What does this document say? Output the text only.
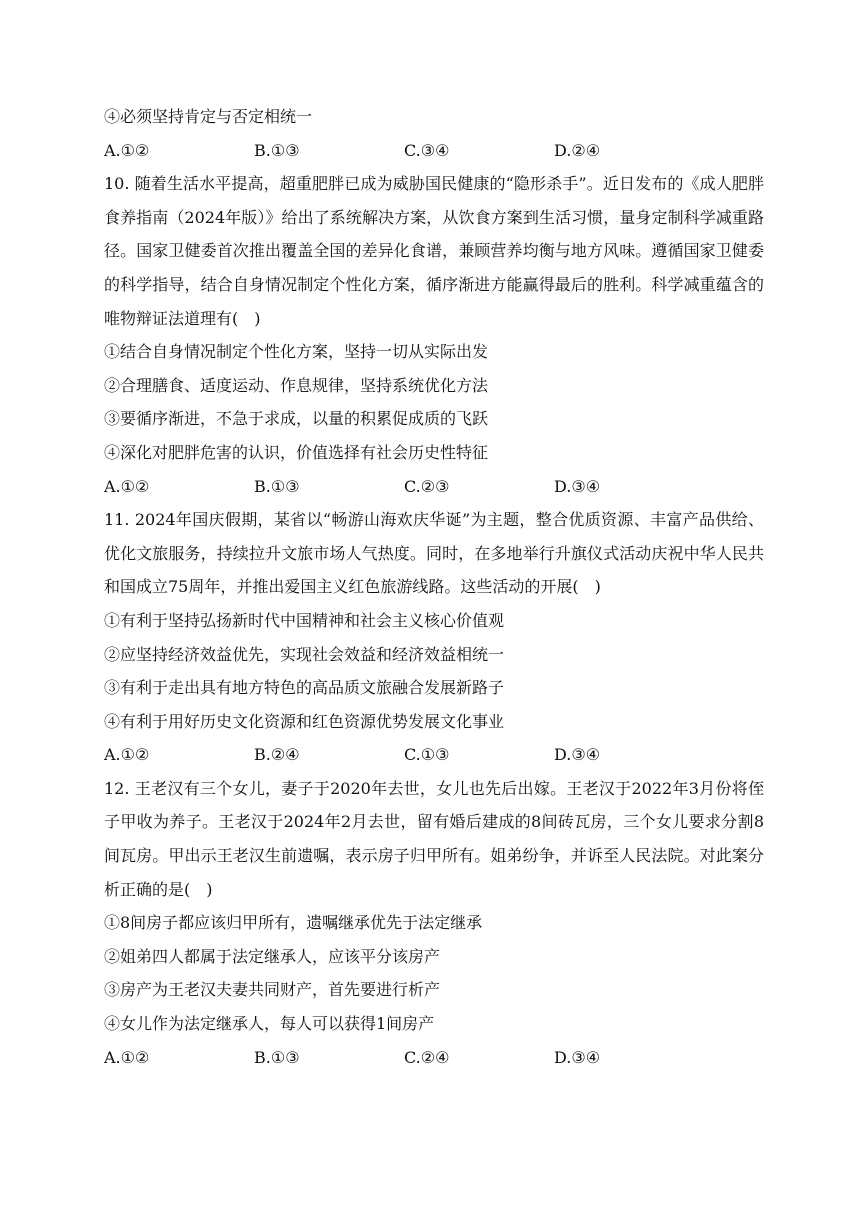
④必须坚持肯定与否定相统一
A.①②	B.①③	C.③④	D.②④
10. 随着生活水平提高，超重肥胖已成为威胁国民健康的“隐形杀手”。近日发布的《成人肥胖食养指南（2024年版）》给出了系统解决方案，从饮食方案到生活习惯，量身定制科学减重路径。国家卫健委首次推出覆盖全国的差异化食谱，兼顾营养均衡与地方风味。遵循国家卫健委的科学指导，结合自身情况制定个性化方案，循序渐进方能赢得最后的胜利。科学减重蕴含的唯物辩证法道理有(　)
①结合自身情况制定个性化方案，坚持一切从实际出发
②合理膳食、适度运动、作息规律，坚持系统优化方法
③要循序渐进，不急于求成，以量的积累促成质的飞跃
④深化对肥胖危害的认识，价值选择有社会历史性特征
A.①②	B.①③	C.②③	D.③④
11. 2024年国庆假期，某省以“畅游山海欢庆华诞”为主题，整合优质资源、丰富产品供给、优化文旅服务，持续拉升文旅市场人气热度。同时，在多地举行升旗仪式活动庆祝中华人民共和国成立75周年，并推出爱国主义红色旅游线路。这些活动的开展(　)
①有利于坚持弘扬新时代中国精神和社会主义核心价值观
②应坚持经济效益优先，实现社会效益和经济效益相统一
③有利于走出具有地方特色的高品质文旅融合发展新路子
④有利于用好历史文化资源和红色资源优势发展文化事业
A.①②	B.②④	C.①③	D.③④
12. 王老汉有三个女儿，妻子于2020年去世，女儿也先后出嫁。王老汉于2022年3月份将侄子甲收为养子。王老汉于2024年2月去世，留有婚后建成的8间砖瓦房，三个女儿要求分割8间瓦房。甲出示王老汉生前遗嘱，表示房子归甲所有。姐弟纷争，并诉至人民法院。对此案分析正确的是(　)
①8间房子都应该归甲所有，遗嘱继承优先于法定继承
②姐弟四人都属于法定继承人，应该平分该房产
③房产为王老汉夫妻共同财产，首先要进行析产
④女儿作为法定继承人，每人可以获得1间房产
A.①②	B.①③	C.②④	D.③④
